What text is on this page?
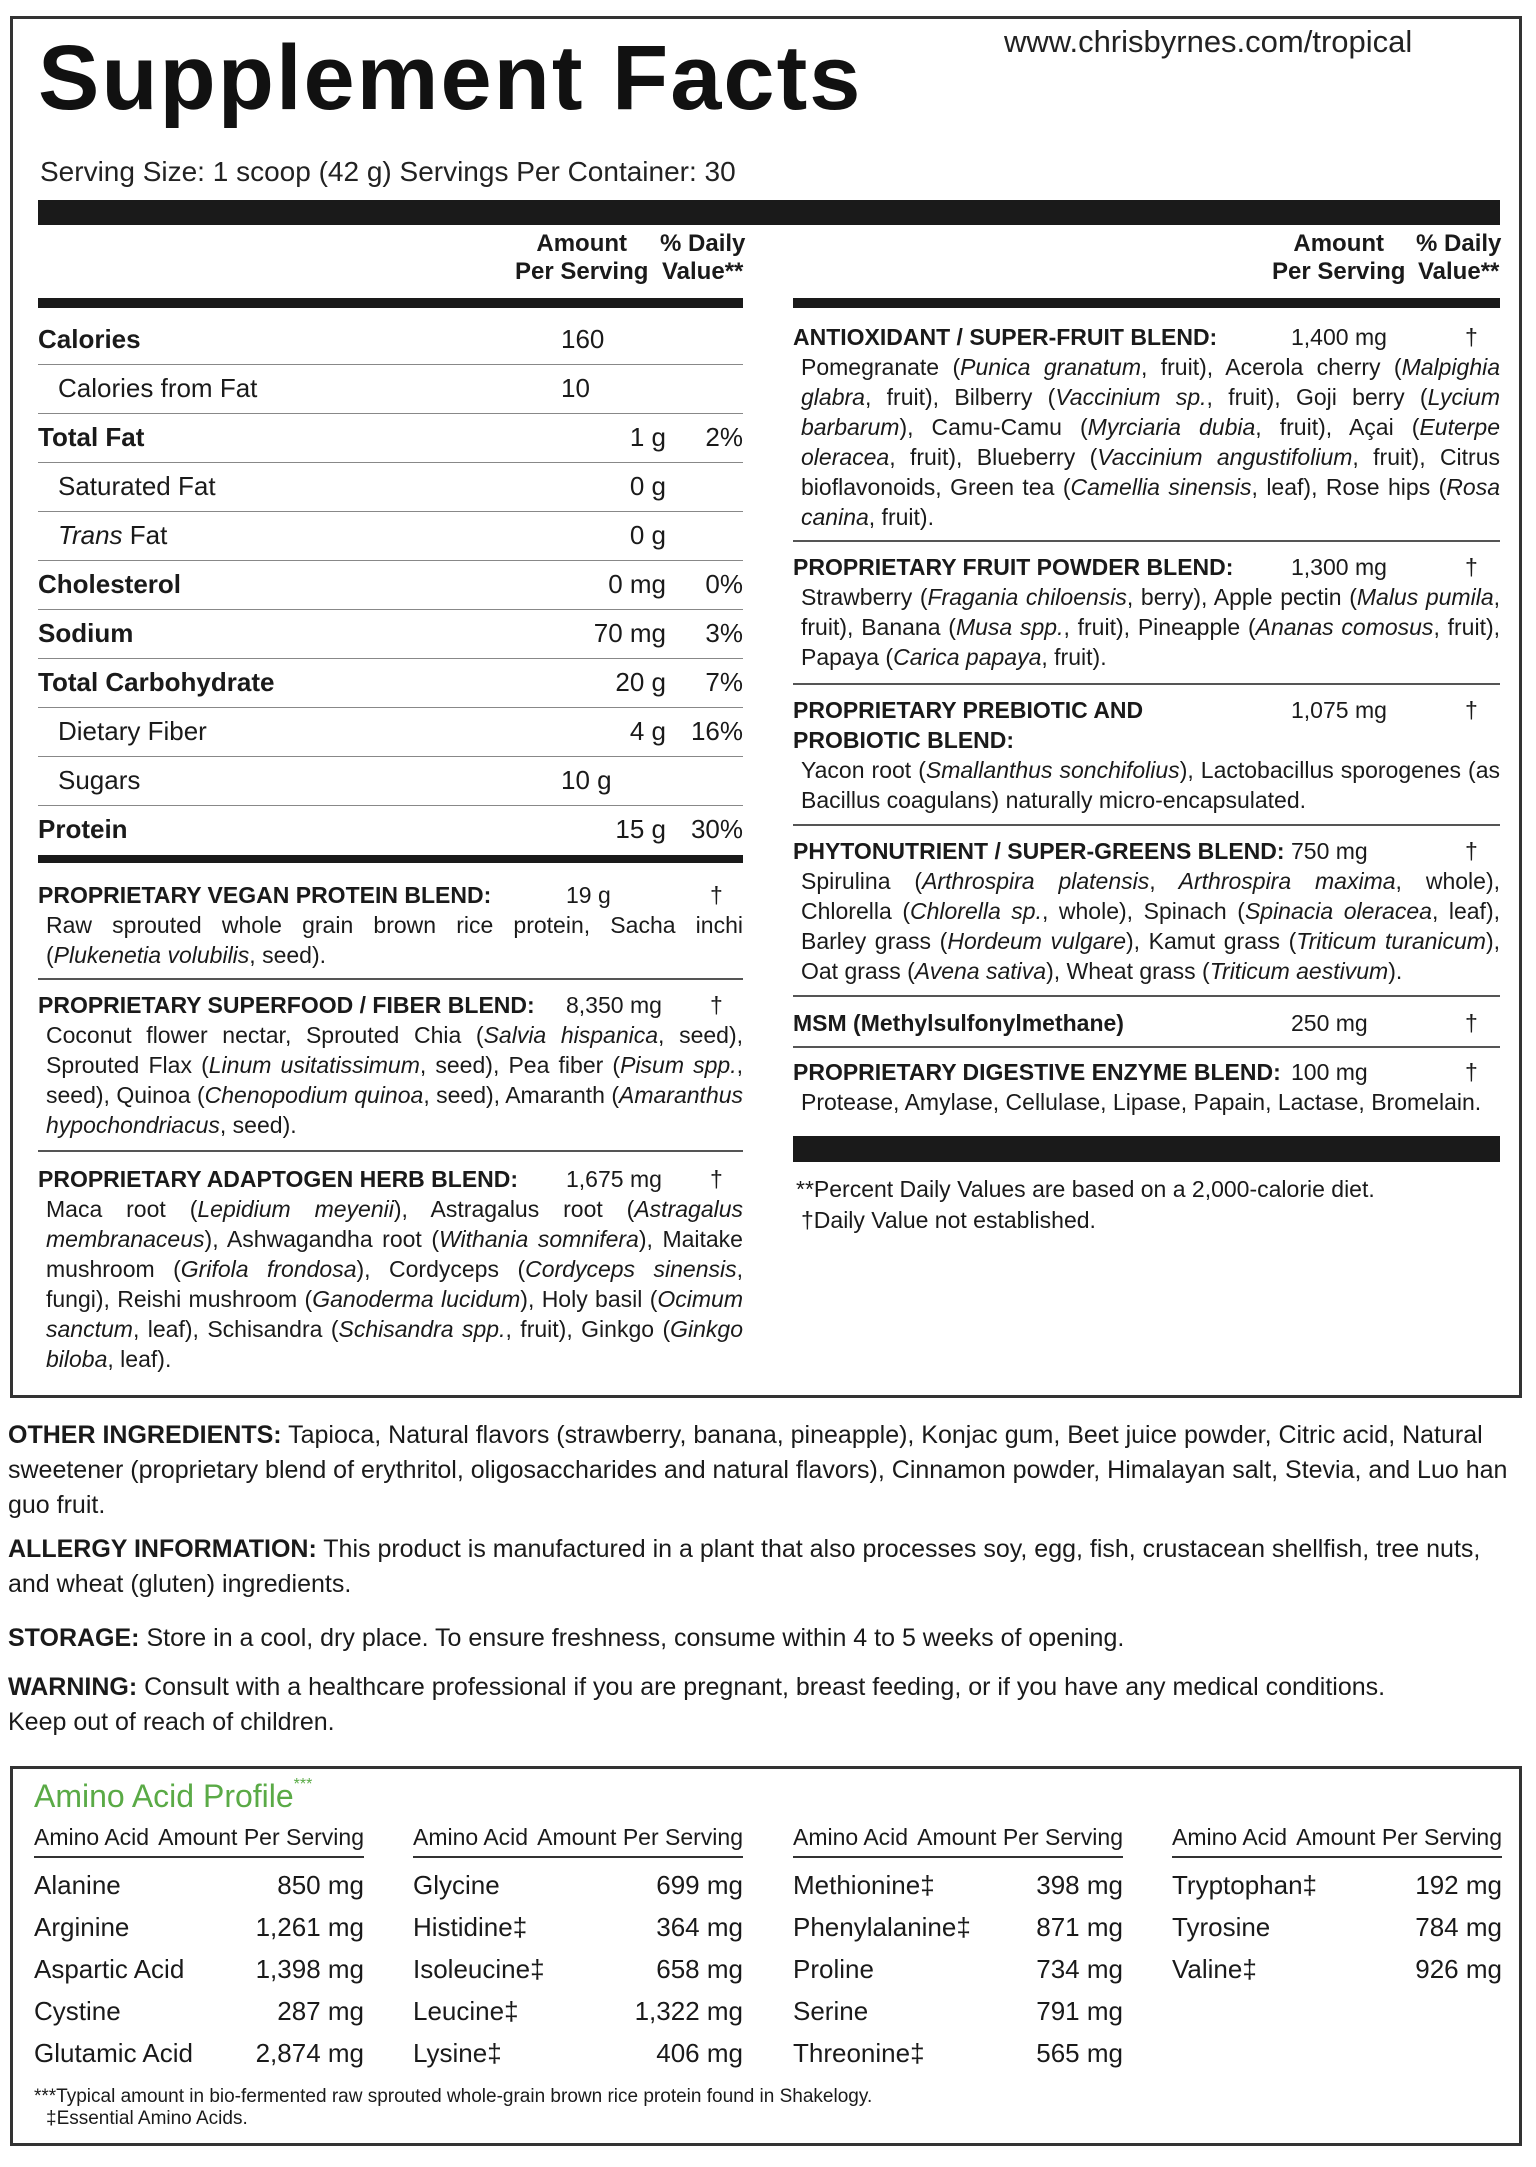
www.chrisbyrnes.com/tropical
Supplement Facts
Serving Size: 1 scoop (42 g) Servings Per Container: 30
Amount
Per Serving
% Daily
Value**
Amount
Per Serving
% Daily
Value**
Calories	160
Calories from Fat	10
Total Fat	1 g	2%
Saturated Fat	0 g
Trans Fat	0 g
Cholesterol	0 mg	0%
Sodium	70 mg	3%
Total Carbohydrate	20 g	7%
Dietary Fiber	4 g 16%
Sugars	10 g
Protein	15 g 30%
PROPRIETARY VEGAN PROTEIN BLEND:	19 g	†
Raw sprouted whole grain brown rice protein, Sacha inchi (Plukenetia volubilis, seed).
PROPRIETARY SUPERFOOD / FIBER BLEND: 8,350 mg †
Coconut flower nectar, Sprouted Chia (Salvia hispanica, seed), Sprouted Flax (Linum usitatissimum, seed), Pea fiber (Pisum spp., seed), Quinoa (Chenopodium quinoa, seed), Amaranth (Amaranthus hypochondriacus, seed).
PROPRIETARY ADAPTOGEN HERB BLEND: 1,675 mg †
Maca root (Lepidium meyenii), Astragalus root (Astragalus membranaceus), Ashwagandha root (Withania somnifera), Maitake mushroom (Grifola frondosa), Cordyceps (Cordyceps sinensis, fungi), Reishi mushroom (Ganoderma lucidum), Holy basil (Ocimum sanctum, leaf), Schisandra (Schisandra spp., fruit), Ginkgo (Ginkgo biloba, leaf).
ANTIOXIDANT / SUPER-FRUIT BLEND:	1,400 mg	†
Pomegranate (Punica granatum, fruit), Acerola cherry (Malpighia glabra, fruit), Bilberry (Vaccinium sp., fruit), Goji berry (Lycium barbarum), Camu-Camu (Myrciaria dubia, fruit), Açai (Euterpe oleracea, fruit), Blueberry (Vaccinium angustifolium, fruit), Citrus bioflavonoids, Green tea (Camellia sinensis, leaf), Rose hips (Rosa canina, fruit).
PROPRIETARY FRUIT POWDER BLEND:	1,300 mg	†
Strawberry (Fragania chiloensis, berry), Apple pectin (Malus pumila, fruit), Banana (Musa spp., fruit), Pineapple (Ananas comosus, fruit), Papaya (Carica papaya, fruit).
PROPRIETARY PREBIOTIC AND	1,075 mg	†
PROBIOTIC BLEND:
Yacon root (Smallanthus sonchifolius), Lactobacillus sporogenes (as Bacillus coagulans) naturally micro-encapsulated.
PHYTONUTRIENT / SUPER-GREENS BLEND: 750 mg	†
Spirulina (Arthrospira platensis, Arthrospira maxima, whole), Chlorella (Chlorella sp., whole), Spinach (Spinacia oleracea, leaf), Barley grass (Hordeum vulgare), Kamut grass (Triticum turanicum), Oat grass (Avena sativa), Wheat grass (Triticum aestivum).
MSM (Methylsulfonylmethane)	250 mg	†
PROPRIETARY DIGESTIVE ENZYME BLEND: 100 mg	†
Protease, Amylase, Cellulase, Lipase, Papain, Lactase, Bromelain.
**Percent Daily Values are based on a 2,000-calorie diet.
†Daily Value not established.
OTHER INGREDIENTS: Tapioca, Natural flavors (strawberry, banana, pineapple), Konjac gum, Beet juice powder, Citric acid, Natural sweetener (proprietary blend of erythritol, oligosaccharides and natural flavors), Cinnamon powder, Himalayan salt, Stevia, and Luo han guo fruit.
ALLERGY INFORMATION: This product is manufactured in a plant that also processes soy, egg, fish, crustacean shellfish, tree nuts, and wheat (gluten) ingredients.
STORAGE: Store in a cool, dry place. To ensure freshness, consume within 4 to 5 weeks of opening.
WARNING: Consult with a healthcare professional if you are pregnant, breast feeding, or if you have any medical conditions.
Keep out of reach of children.
Amino Acid Profile***
Amino Acid Amount Per Serving
Alanine	850 mg
Arginine	1,261 mg
Aspartic Acid	1,398 mg
Cystine	287 mg
Glutamic Acid 2,874 mg
Amino Acid Amount Per Serving
Glycine	699 mg
Histidine‡	364 mg
Isoleucine‡	658 mg
Leucine‡	1,322 mg
Lysine‡	406 mg
Amino Acid Amount Per Serving
Methionine‡	398 mg
Phenylalanine‡	871 mg
Proline	734 mg
Serine	791 mg
Threonine‡	565 mg
Amino Acid Amount Per Serving
Tryptophan‡	192 mg
Tyrosine	784 mg
Valine‡	926 mg
***Typical amount in bio-fermented raw sprouted whole-grain brown rice protein found in Shakelogy.
‡Essential Amino Acids.
